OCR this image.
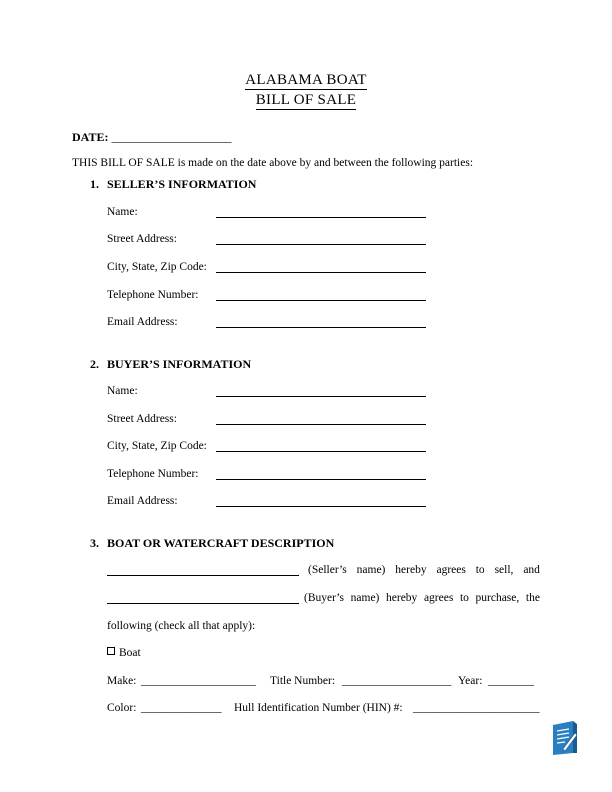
ALABAMA BOAT
BILL OF SALE
DATE: ____________________
THIS BILL OF SALE is made on the date above by and between the following parties:
1. SELLER’S INFORMATION
Name:
Street Address:
City, State, Zip Code:
Telephone Number:
Email Address:
2. BUYER’S INFORMATION
Name:
Street Address:
City, State, Zip Code:
Telephone Number:
Email Address:
3. BOAT OR WATERCRAFT DESCRIPTION
(Seller’s name) hereby agrees to sell, and
(Buyer’s name) hereby agrees to purchase, the
following (check all that apply):
Boat
Make: ____________________ Title Number: ___________________ Year: ________
Color: ______________ Hull Identification Number (HIN) #: ______________________
